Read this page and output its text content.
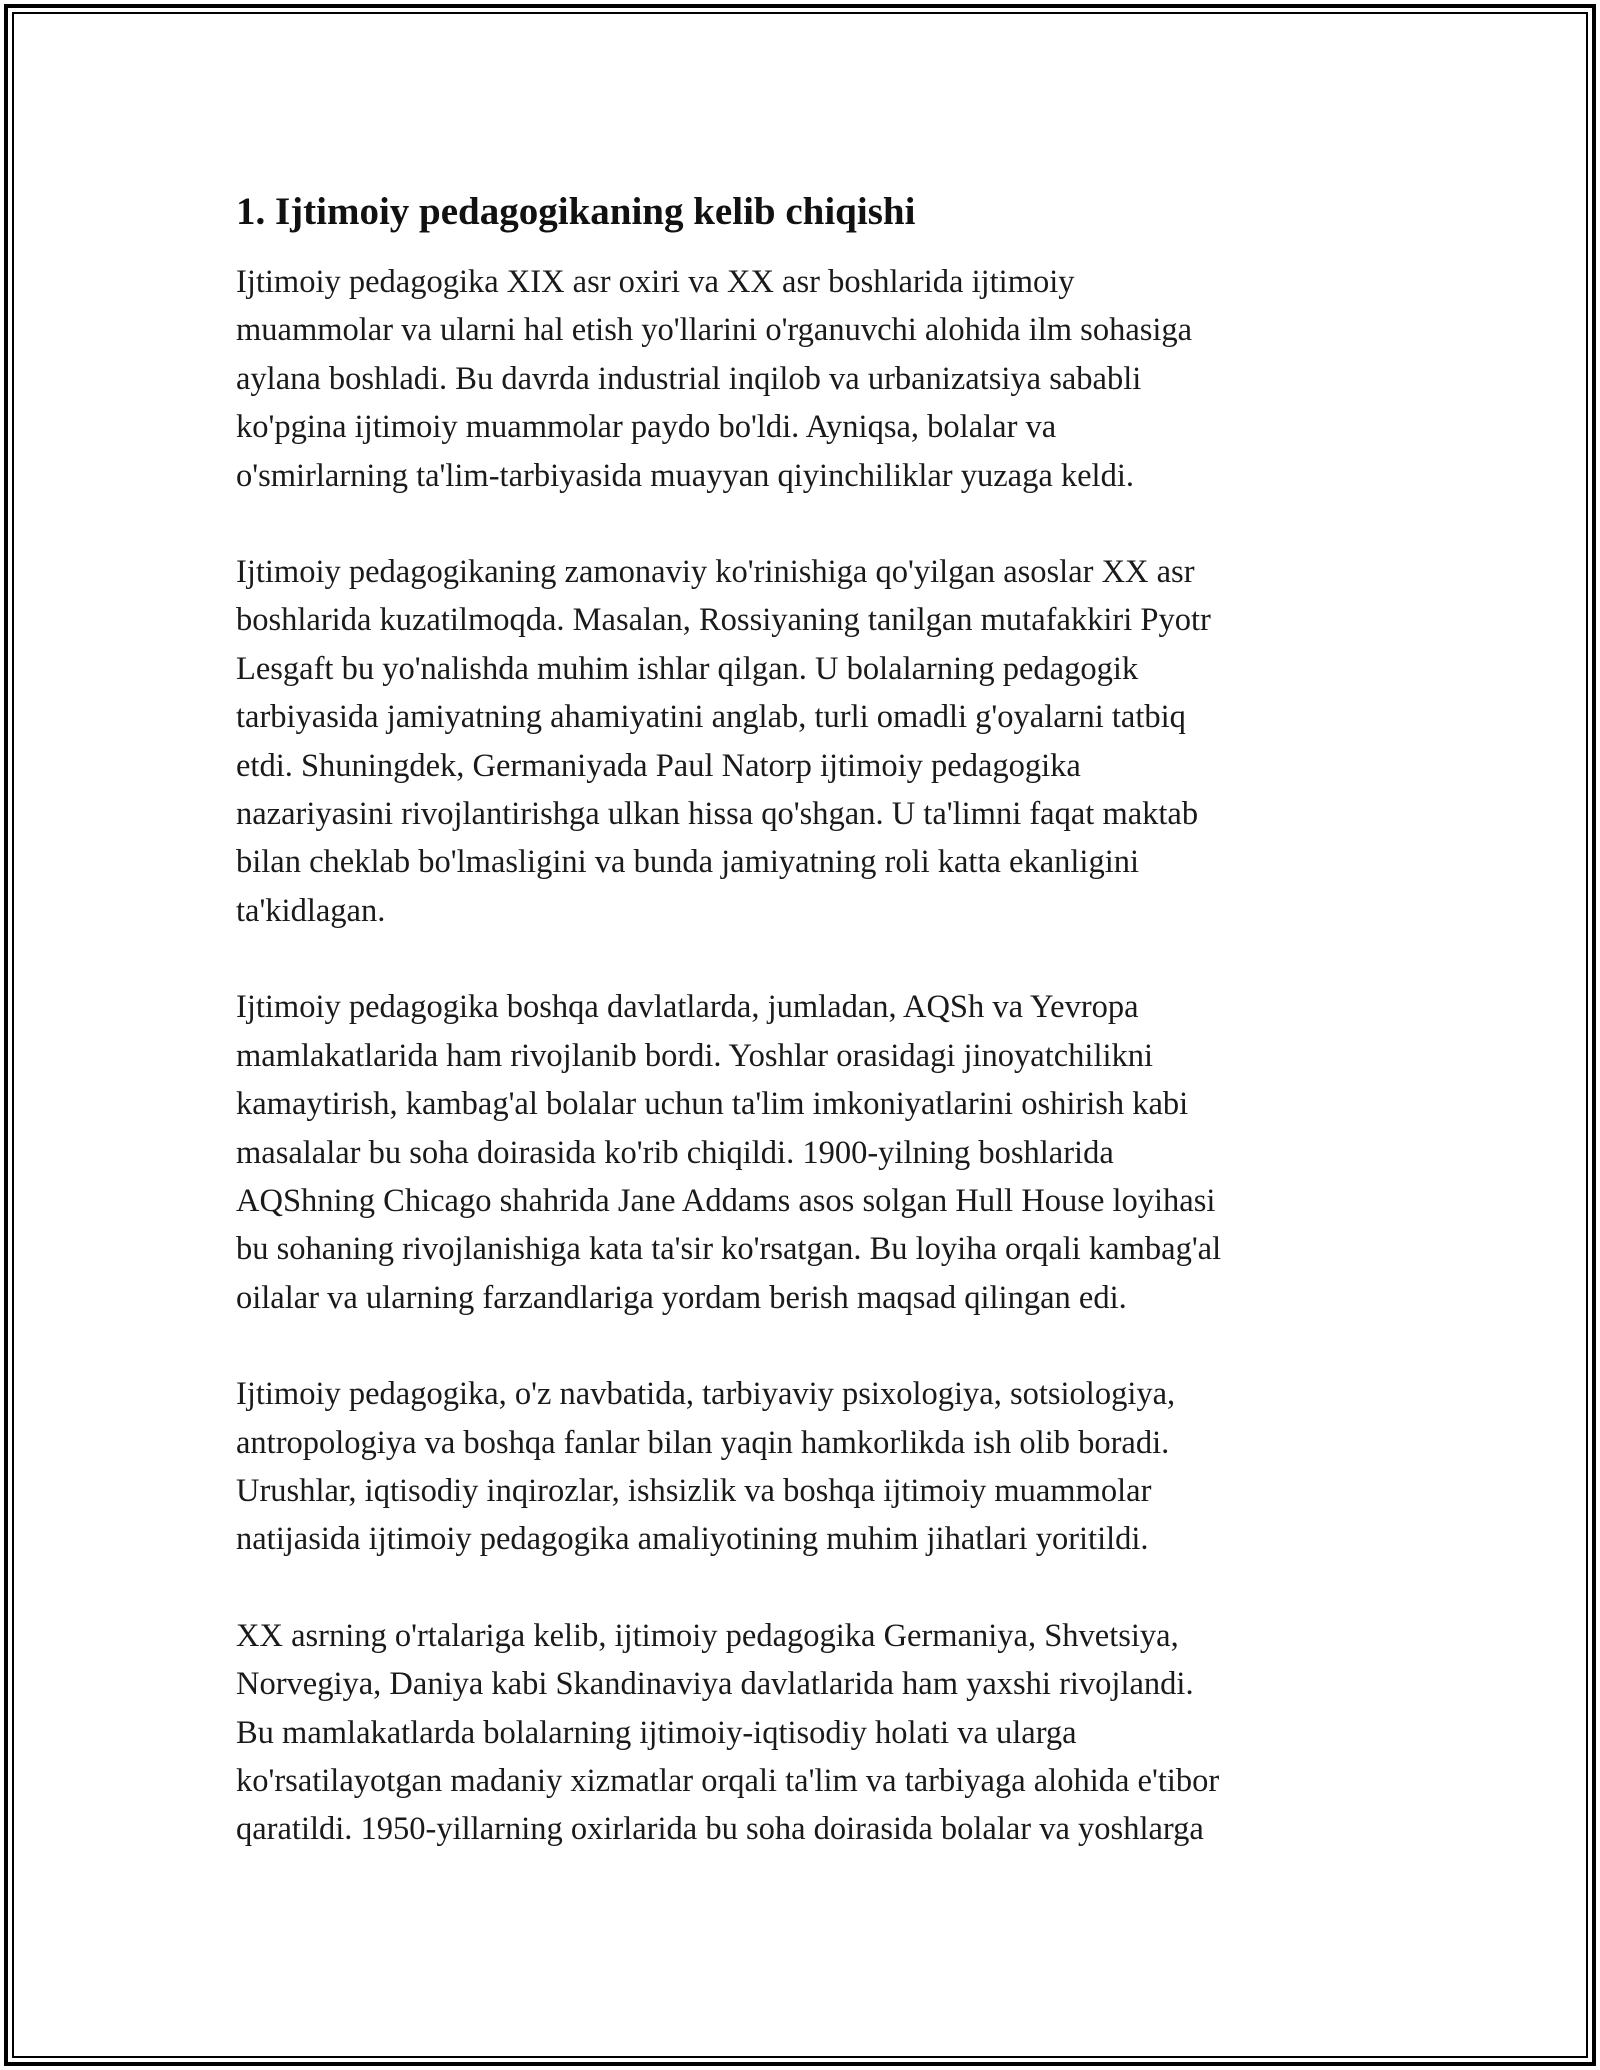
1. Ijtimoiy pedagogikaning kelib chiqishi
Ijtimoiy pedagogika XIX asr oxiri va XX asr boshlarida ijtimoiy
muammolar va ularni hal etish yo'llarini o'rganuvchi alohida ilm sohasiga
aylana boshladi. Bu davrda industrial inqilob va urbanizatsiya sababli
ko'pgina ijtimoiy muammolar paydo bo'ldi. Ayniqsa, bolalar va
o'smirlarning ta'lim-tarbiyasida muayyan qiyinchiliklar yuzaga keldi.
Ijtimoiy pedagogikaning zamonaviy ko'rinishiga qo'yilgan asoslar XX asr
boshlarida kuzatilmoqda. Masalan, Rossiyaning tanilgan mutafakkiri Pyotr
Lesgaft bu yo'nalishda muhim ishlar qilgan. U bolalarning pedagogik
tarbiyasida jamiyatning ahamiyatini anglab, turli omadli g'oyalarni tatbiq
etdi. Shuningdek, Germaniyada Paul Natorp ijtimoiy pedagogika
nazariyasini rivojlantirishga ulkan hissa qo'shgan. U ta'limni faqat maktab
bilan cheklab bo'lmasligini va bunda jamiyatning roli katta ekanligini
ta'kidlagan.
Ijtimoiy pedagogika boshqa davlatlarda, jumladan, AQSh va Yevropa
mamlakatlarida ham rivojlanib bordi. Yoshlar orasidagi jinoyatchilikni
kamaytirish, kambag'al bolalar uchun ta'lim imkoniyatlarini oshirish kabi
masalalar bu soha doirasida ko'rib chiqildi. 1900-yilning boshlarida
AQShning Chicago shahrida Jane Addams asos solgan Hull House loyihasi
bu sohaning rivojlanishiga kata ta'sir ko'rsatgan. Bu loyiha orqali kambag'al
oilalar va ularning farzandlariga yordam berish maqsad qilingan edi.
Ijtimoiy pedagogika, o'z navbatida, tarbiyaviy psixologiya, sotsiologiya,
antropologiya va boshqa fanlar bilan yaqin hamkorlikda ish olib boradi.
Urushlar, iqtisodiy inqirozlar, ishsizlik va boshqa ijtimoiy muammolar
natijasida ijtimoiy pedagogika amaliyotining muhim jihatlari yoritildi.
XX asrning o'rtalariga kelib, ijtimoiy pedagogika Germaniya, Shvetsiya,
Norvegiya, Daniya kabi Skandinaviya davlatlarida ham yaxshi rivojlandi.
Bu mamlakatlarda bolalarning ijtimoiy-iqtisodiy holati va ularga
ko'rsatilayotgan madaniy xizmatlar orqali ta'lim va tarbiyaga alohida e'tibor
qaratildi. 1950-yillarning oxirlarida bu soha doirasida bolalar va yoshlarga
